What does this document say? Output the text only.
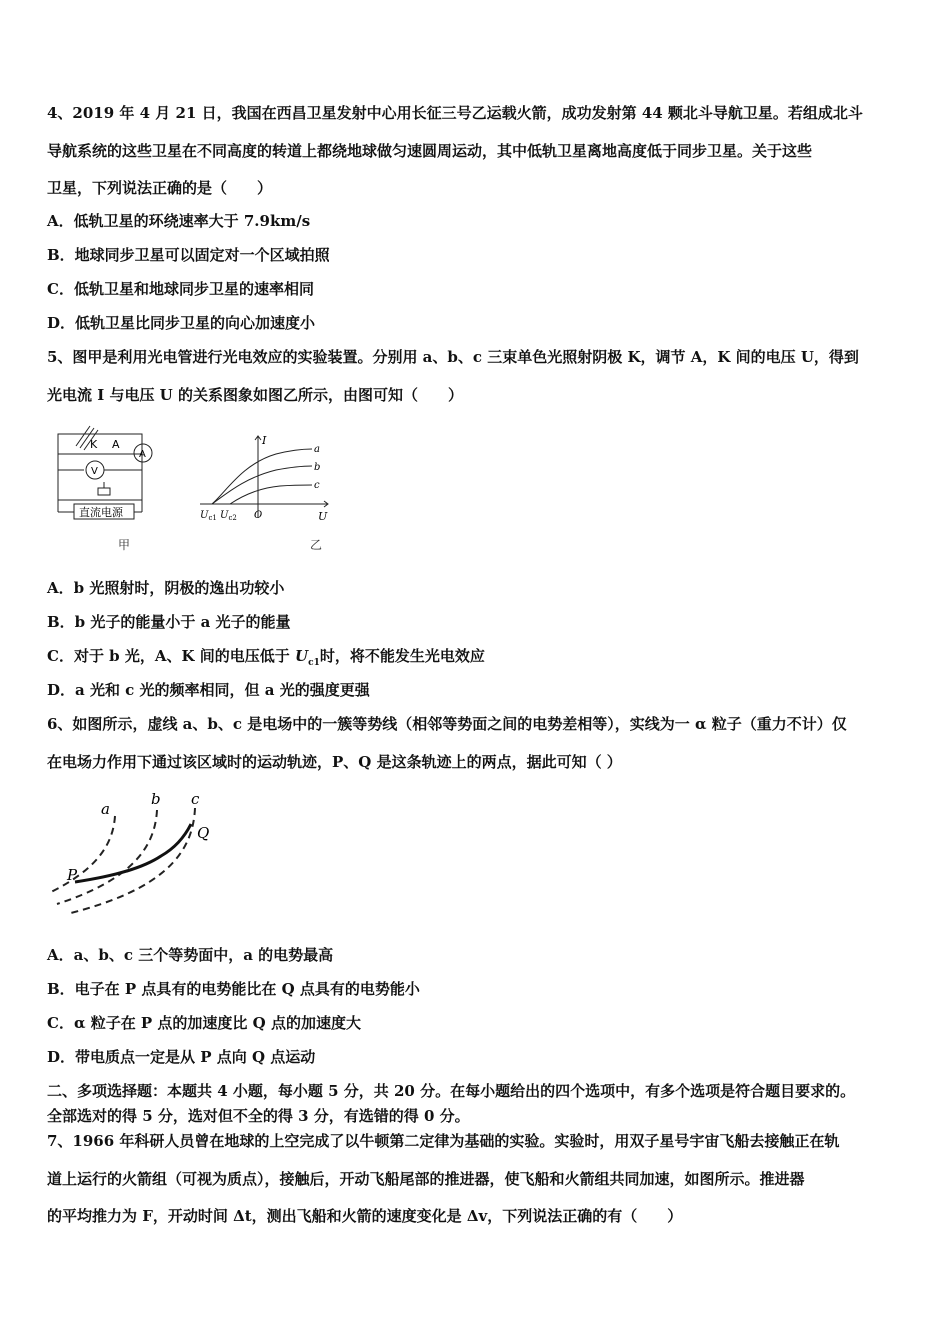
4、2019 年 4 月 21 日，我国在西昌卫星发射中心用长征三号乙运载火箭，成功发射第 44 颗北斗导航卫星。若组成北斗
导航系统的这些卫星在不同高度的转道上都绕地球做匀速圆周运动，其中低轨卫星离地高度低于同步卫星。关于这些
卫星，下列说法正确的是（　　）
A．低轨卫星的环绕速率大于 7.9km/s
B．地球同步卫星可以固定对一个区域拍照
C．低轨卫星和地球同步卫星的速率相同
D．低轨卫星比同步卫星的向心加速度小
5、图甲是利用光电管进行光电效应的实验装置。分别用 a、b、c 三束单色光照射阴极 K，调节 A，K 间的电压 U，得到
光电流 I 与电压 U 的关系图象如图乙所示，由图可知（　　）
K A
A
V
直流电源
甲
I
U
O
$U_{c1}$ $U_{c2}$
a
b
c
乙
A．b 光照射时，阴极的逸出功较小
B．b 光子的能量小于 a 光子的能量
C．对于 b 光，A、K 间的电压低于 $U_{c1}$时，将不能发生光电效应
D．a 光和 c 光的频率相同，但 a 光的强度更强
6、如图所示，虚线 a、b、c 是电场中的一簇等势线（相邻等势面之间的电势差相等），实线为一 α 粒子（重力不计）仅
在电场力作用下通过该区域时的运动轨迹，P、Q 是这条轨迹上的两点，据此可知（ ）
a
b c
P
Q
A．a、b、c 三个等势面中，a 的电势最高
B．电子在 P 点具有的电势能比在 Q 点具有的电势能小
C．α 粒子在 P 点的加速度比 Q 点的加速度大
D．带电质点一定是从 P 点向 Q 点运动
二、多项选择题：本题共 4 小题，每小题 5 分，共 20 分。在每小题给出的四个选项中，有多个选项是符合题目要求的。
全部选对的得 5 分，选对但不全的得 3 分，有选错的得 0 分。
7、1966 年科研人员曾在地球的上空完成了以牛顿第二定律为基础的实验。实验时，用双子星号宇宙飞船去接触正在轨
道上运行的火箭组（可视为质点），接触后，开动飞船尾部的推进器，使飞船和火箭组共同加速，如图所示。推进器
的平均推力为 F，开动时间 Δt，测出飞船和火箭的速度变化是 Δv，下列说法正确的有（　　）
